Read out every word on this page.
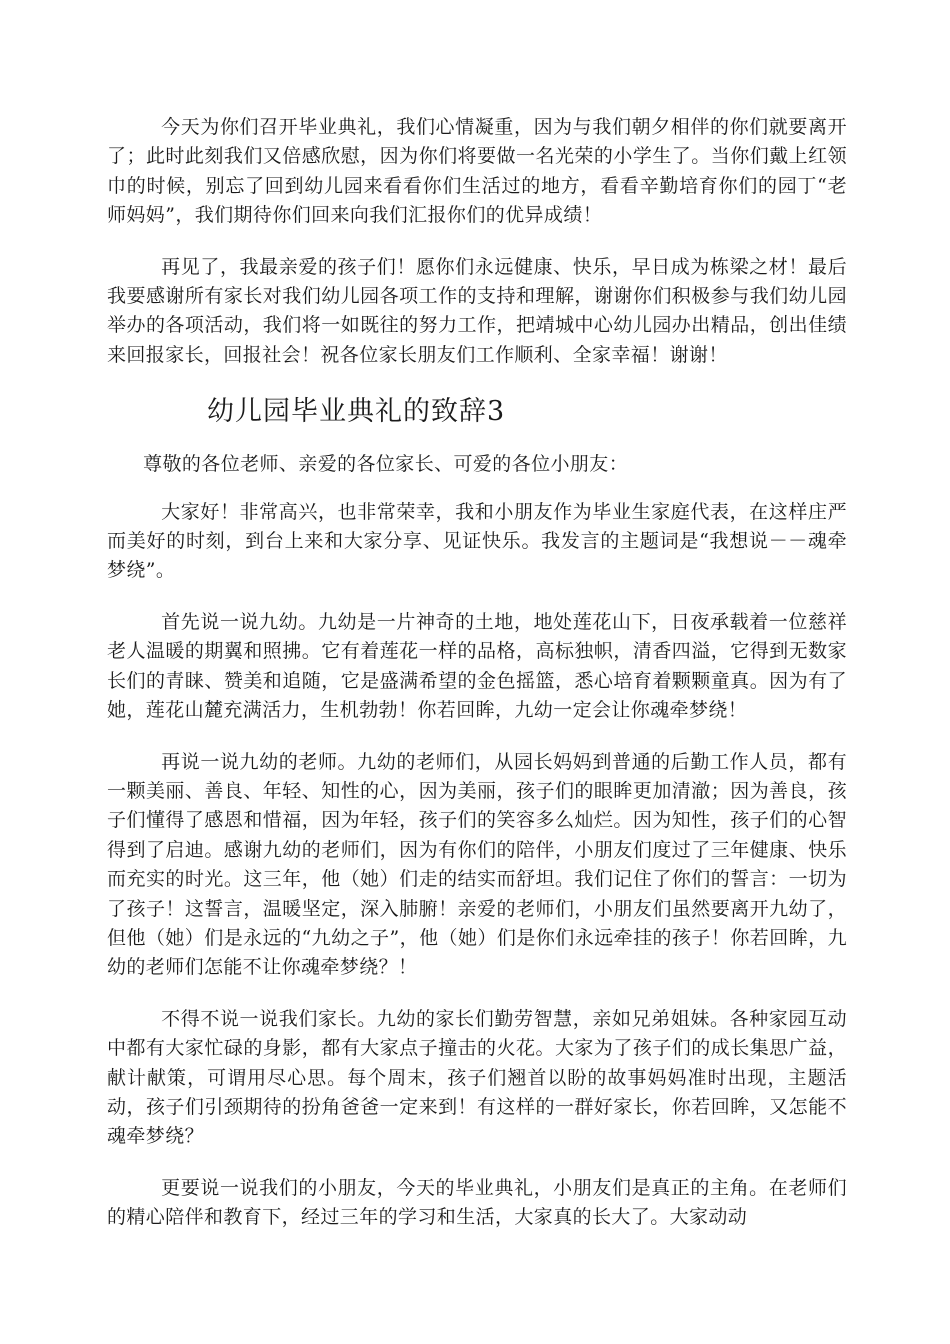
今天为你们召开毕业典礼，我们心情凝重，因为与我们朝夕相伴的你们就要离开了；此时此刻我们又倍感欣慰，因为你们将要做一名光荣的小学生了。当你们戴上红领巾的时候，别忘了回到幼儿园来看看你们生活过的地方，看看辛勤培育你们的园丁“老师妈妈”，我们期待你们回来向我们汇报你们的优异成绩！

再见了，我最亲爱的孩子们！愿你们永远健康、快乐，早日成为栋梁之材！最后我要感谢所有家长对我们幼儿园各项工作的支持和理解，谢谢你们积极参与我们幼儿园举办的各项活动，我们将一如既往的努力工作，把靖城中心幼儿园办出精品，创出佳绩来回报家长，回报社会！祝各位家长朋友们工作顺利、全家幸福！谢谢！

幼儿园毕业典礼的致辞3

尊敬的各位老师、亲爱的各位家长、可爱的各位小朋友：

大家好！非常高兴，也非常荣幸，我和小朋友作为毕业生家庭代表，在这样庄严而美好的时刻，到台上来和大家分享、见证快乐。我发言的主题词是“我想说－－魂牵梦绕”。

首先说一说九幼。九幼是一片神奇的土地，地处莲花山下，日夜承载着一位慈祥老人温暖的期翼和照拂。它有着莲花一样的品格，高标独帜，清香四溢，它得到无数家长们的青睐、赞美和追随，它是盛满希望的金色摇篮，悉心培育着颗颗童真。因为有了她，莲花山麓充满活力，生机勃勃！你若回眸，九幼一定会让你魂牵梦绕！

再说一说九幼的老师。九幼的老师们，从园长妈妈到普通的后勤工作人员，都有一颗美丽、善良、年轻、知性的心，因为美丽，孩子们的眼眸更加清澈；因为善良，孩子们懂得了感恩和惜福，因为年轻，孩子们的笑容多么灿烂。因为知性，孩子们的心智得到了启迪。感谢九幼的老师们，因为有你们的陪伴，小朋友们度过了三年健康、快乐而充实的时光。这三年，他（她）们走的结实而舒坦。我们记住了你们的誓言：一切为了孩子！这誓言，温暖坚定，深入肺腑！亲爱的老师们，小朋友们虽然要离开九幼了，但他（她）们是永远的“九幼之子”，他（她）们是你们永远牵挂的孩子！你若回眸，九幼的老师们怎能不让你魂牵梦绕？！

不得不说一说我们家长。九幼的家长们勤劳智慧，亲如兄弟姐妹。各种家园互动中都有大家忙碌的身影，都有大家点子撞击的火花。大家为了孩子们的成长集思广益，献计献策，可谓用尽心思。每个周末，孩子们翘首以盼的故事妈妈准时出现，主题活动，孩子们引颈期待的扮角爸爸一定来到！有这样的一群好家长，你若回眸，又怎能不魂牵梦绕？

更要说一说我们的小朋友，今天的毕业典礼，小朋友们是真正的主角。在老师们的精心陪伴和教育下，经过三年的学习和生活，大家真的长大了。大家动动
